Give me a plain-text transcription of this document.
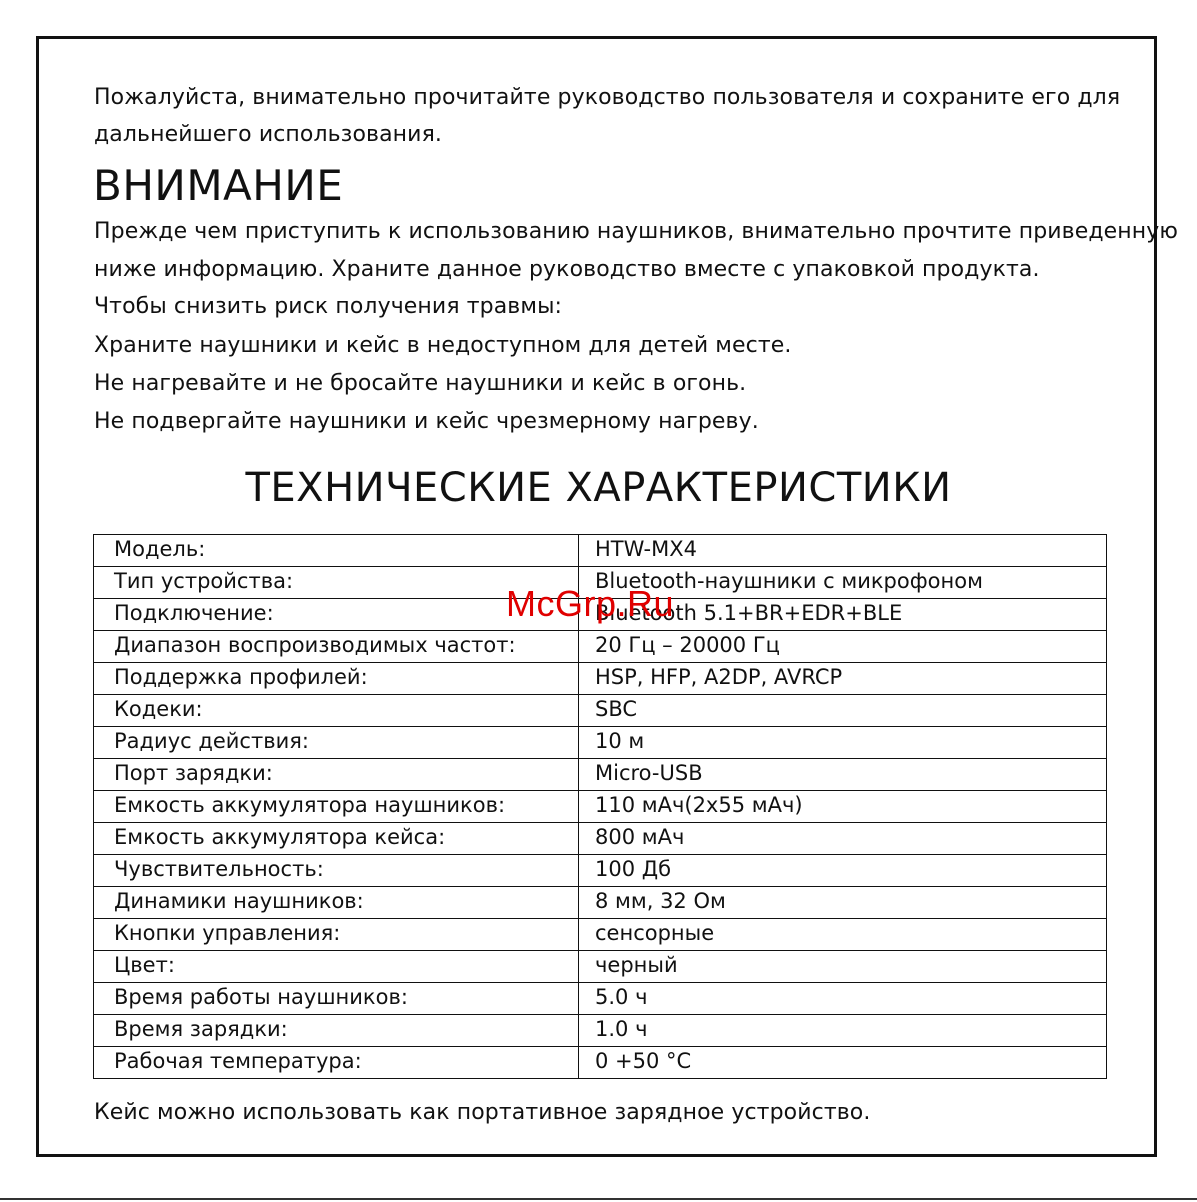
Пожалуйста, внимательно прочитайте руководство пользователя и сохраните его для

дальнейшего использования.

ВНИМАНИЕ

Прежде чем приступить к использованию наушников, внимательно прочтите приведенную

ниже информацию. Храните данное руководство вместе с упаковкой продукта.

Чтобы снизить риск получения травмы:

Храните наушники и кейс в недоступном для детей месте.

Не нагревайте и не бросайте наушники и кейс в огонь.

Не подвергайте наушники и кейс чрезмерному нагреву.

ТЕХНИЧЕСКИЕ ХАРАКТЕРИСТИКИ
Модель:	HTW-MX4
Тип устройства:	Bluetooth-наушники с микрофоном
Подключение:	Bluetooth 5.1+BR+EDR+BLE
Диапазон воспроизводимых частот:	20 Гц – 20000 Гц
Поддержка профилей:	HSP, HFP, A2DP, AVRCP
Кодеки:	SBC
Радиус действия:	10 м
Порт зарядки:	Micro-USB
Емкость аккумулятора наушников:	110 мАч(2х55 мАч)
Емкость аккумулятора кейса:	800 мАч
Чувствительность:	100 Дб
Динамики наушников:	8 мм, 32 Ом
Кнопки управления:	сенсорные
Цвет:	черный
Время работы наушников:	5.0 ч
Время зарядки:	1.0 ч
Рабочая температура:	0 +50 °С

McGrp.Ru

Кейс можно использовать как портативное зарядное устройство.
